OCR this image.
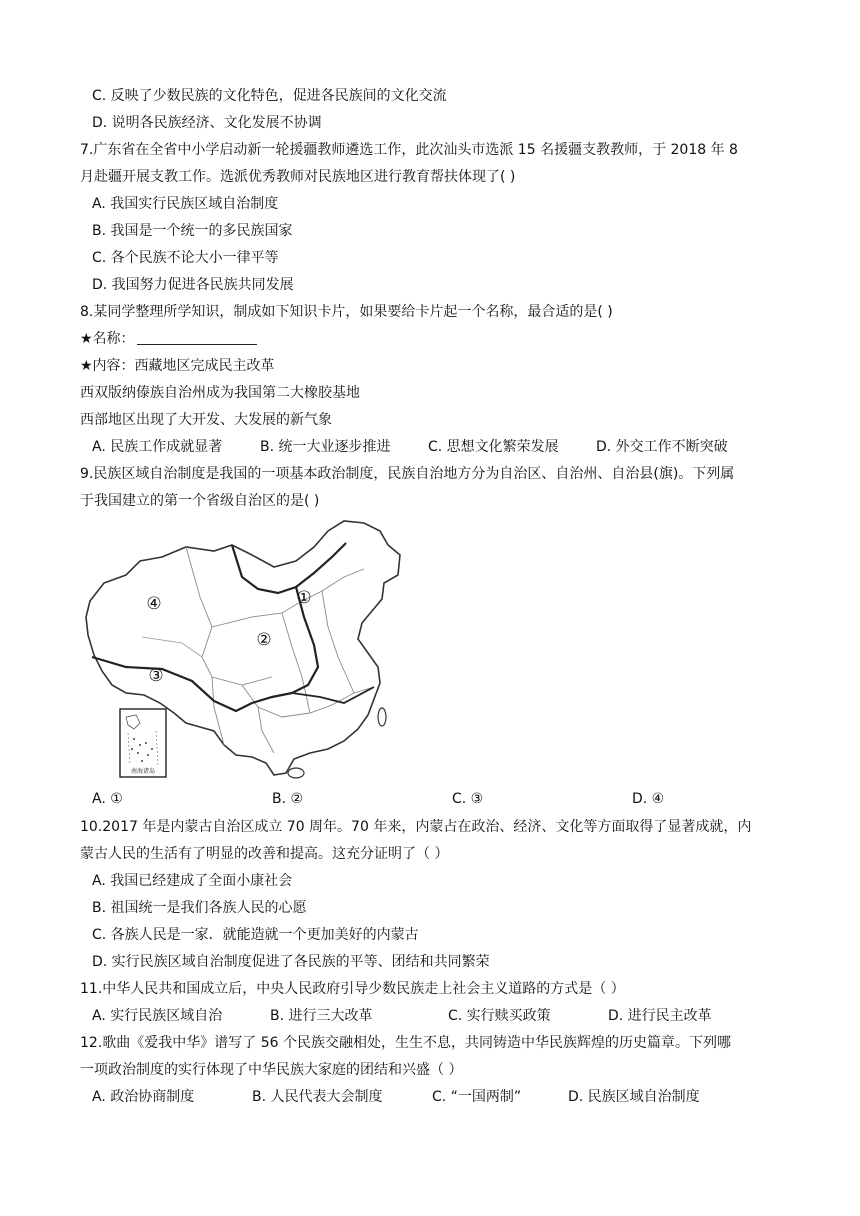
C. 反映了少数民族的文化特色，促进各民族间的文化交流
D. 说明各民族经济、文化发展不协调
7.广东省在全省中小学启动新一轮援疆教师遴选工作，此次汕头市选派 15 名援疆支教教师，于 2018 年 8
月赴疆开展支教工作。选派优秀教师对民族地区进行教育帮扶体现了( )
A. 我国实行民族区域自治制度
B. 我国是一个统一的多民族国家
C. 各个民族不论大小一律平等
D. 我国努力促进各民族共同发展
8.某同学整理所学知识，制成如下知识卡片，如果要给卡片起一个名称，最合适的是( )
★名称：
★内容：西藏地区完成民主改革
西双版纳傣族自治州成为我国第二大橡胶基地
西部地区出现了大开发、大发展的新气象
A. 民族工作成就显著	B. 统一大业逐步推进	C. 思想文化繁荣发展	D. 外交工作不断突破
9.民族区域自治制度是我国的一项基本政治制度，民族自治地方分为自治区、自治州、自治县(旗)。下列属
于我国建立的第一个省级自治区的是( )
南海诸岛
①
②
③
④
A. ①	B. ②	C. ③	D. ④
10.2017 年是内蒙古自治区成立 70 周年。70 年来，内蒙占在政治、经济、文化等方面取得了显著成就，内
蒙古人民的生活有了明显的改善和提高。这充分证明了（ ）
A. 我国已经建成了全面小康社会
B. 祖国统一是我们各族人民的心愿
C. 各族人民是一家．就能造就一个更加美好的内蒙古
D. 实行民族区域自治制度促进了各民族的平等、团结和共同繁荣
11.中华人民共和国成立后，中央人民政府引导少数民族走上社会主义道路的方式是（ ）
A. 实行民族区域自治	B. 进行三大改革	C. 实行赎买政策	D. 进行民主改革
12.歌曲《爱我中华》谱写了 56 个民族交融相处，生生不息，共同铸造中华民族辉煌的历史篇章。下列哪
一项政治制度的实行体现了中华民族大家庭的团结和兴盛（ ）
A. 政治协商制度	B. 人民代表大会制度	C. “一国两制”	D. 民族区域自治制度
